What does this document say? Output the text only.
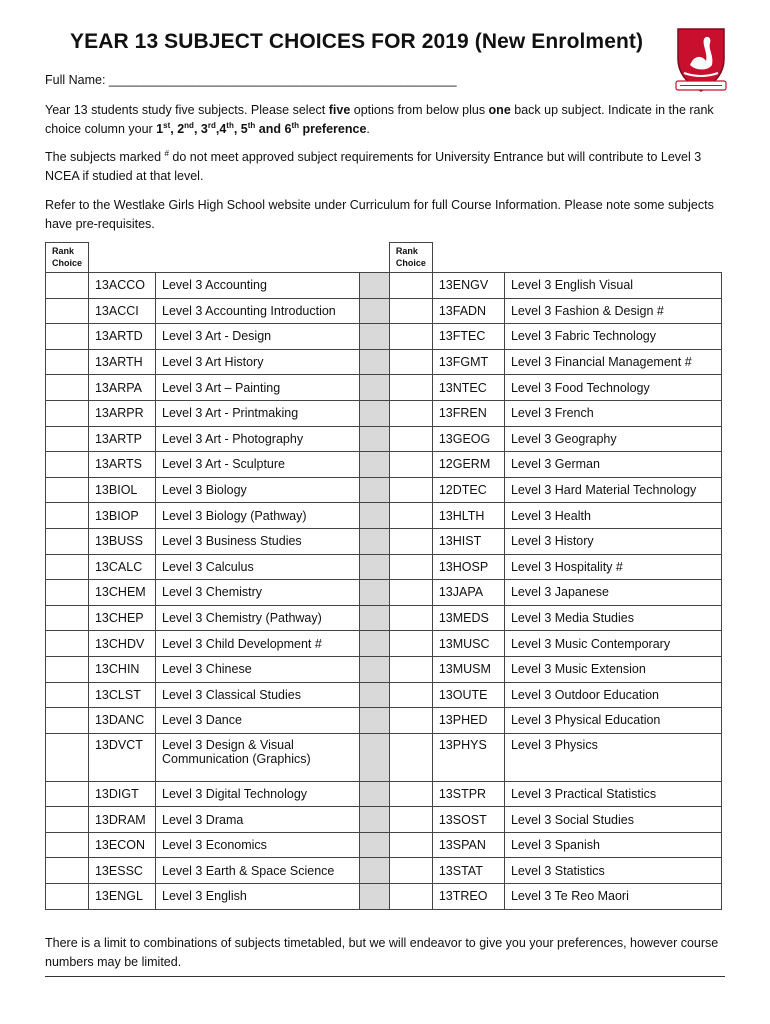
YEAR 13 SUBJECT CHOICES FOR 2019 (New Enrolment)
Full Name: __________________________________________________
Year 13 students study five subjects. Please select five options from below plus one back up subject. Indicate in the rank choice column your 1st, 2nd, 3rd,4th, 5th and 6th preference.
The subjects marked # do not meet approved subject requirements for University Entrance but will contribute to Level 3 NCEA if studied at that level.
Refer to the Westlake Girls High School website under Curriculum for full Course Information. Please note some subjects have pre-requisites.
Rank
Choice				Rank
Choice		
	13ACCO	Level 3 Accounting			13ENGV	Level 3 English Visual
	13ACCI	Level 3 Accounting Introduction			13FADN	Level 3 Fashion & Design #
	13ARTD	Level 3 Art - Design			13FTEC	Level 3 Fabric Technology
	13ARTH	Level 3 Art History			13FGMT	Level 3 Financial Management #
	13ARPA	Level 3 Art – Painting			13NTEC	Level 3 Food Technology
	13ARPR	Level 3 Art - Printmaking			13FREN	Level 3 French
	13ARTP	Level 3 Art - Photography			13GEOG	Level 3 Geography
	13ARTS	Level 3 Art - Sculpture			12GERM	Level 3 German
	13BIOL	Level 3 Biology			12DTEC	Level 3 Hard Material Technology
	13BIOP	Level 3 Biology (Pathway)			13HLTH	Level 3 Health
	13BUSS	Level 3 Business Studies			13HIST	Level 3 History
	13CALC	Level 3 Calculus			13HOSP	Level 3 Hospitality #
	13CHEM	Level 3 Chemistry			13JAPA	Level 3 Japanese
	13CHEP	Level 3 Chemistry (Pathway)			13MEDS	Level 3 Media Studies
	13CHDV	Level 3 Child Development #			13MUSC	Level 3 Music Contemporary
	13CHIN	Level 3 Chinese			13MUSM	Level 3 Music Extension
	13CLST	Level 3 Classical Studies			13OUTE	Level 3 Outdoor Education
	13DANC	Level 3 Dance			13PHED	Level 3 Physical Education
	13DVCT	Level 3 Design & Visual Communication (Graphics)			13PHYS	Level 3 Physics
	13DIGT	Level 3 Digital Technology			13STPR	Level 3 Practical Statistics
	13DRAM	Level 3 Drama			13SOST	Level 3 Social Studies
	13ECON	Level 3 Economics			13SPAN	Level 3 Spanish
	13ESSC	Level 3 Earth & Space Science			13STAT	Level 3 Statistics
	13ENGL	Level 3 English			13TREO	Level 3 Te Reo Maori
There is a limit to combinations of subjects timetabled, but we will endeavor to give you your preferences, however course numbers may be limited.
